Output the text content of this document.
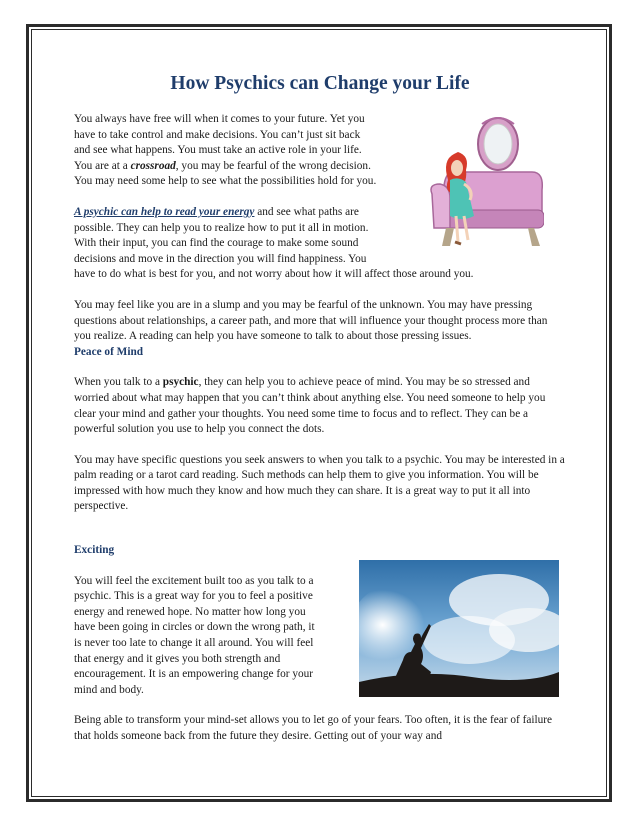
How Psychics can Change your Life

You always have free will when it comes to your future. Yet you
have to take control and make decisions. You can’t just sit back
and see what happens. You must take an active role in your life.
You are at a crossroad, you may be fearful of the wrong decision.
You may need some help to see what the possibilities hold for you.

A psychic can help to read your energy and see what paths are
possible. They can help you to realize how to put it all in motion.
With their input, you can find the courage to make some sound
decisions and move in the direction you will find happiness. You
have to do what is best for you, and not worry about how it will affect those around you.

You may feel like you are in a slump and you may be fearful of the unknown. You may have pressing questions about relationships, a career path, and more that will influence your thought process more than you realize. A reading can help you have someone to talk to about those pressing issues.

Peace of Mind

When you talk to a psychic, they can help you to achieve peace of mind. You may be so stressed and worried about what may happen that you can’t think about anything else. You need someone to help you clear your mind and gather your thoughts. You need some time to focus and to reflect. They can be a powerful solution you use to help you connect the dots.

You may have specific questions you seek answers to when you talk to a psychic. You may be interested in a palm reading or a tarot card reading. Such methods can help them to give you information. You will be impressed with how much they know and how much they can share. It is a great way to put it all into perspective.

Exciting

You will feel the excitement built too as you talk to a
psychic. This is a great way for you to feel a positive
energy and renewed hope. No matter how long you
have been going in circles or down the wrong path, it
is never too late to change it all around. You will feel
that energy and it gives you both strength and
encouragement. It is an empowering change for your
mind and body.

Being able to transform your mind-set allows you to let go of your fears. Too often, it is the fear of failure that holds someone back from the future they desire. Getting out of your way and
